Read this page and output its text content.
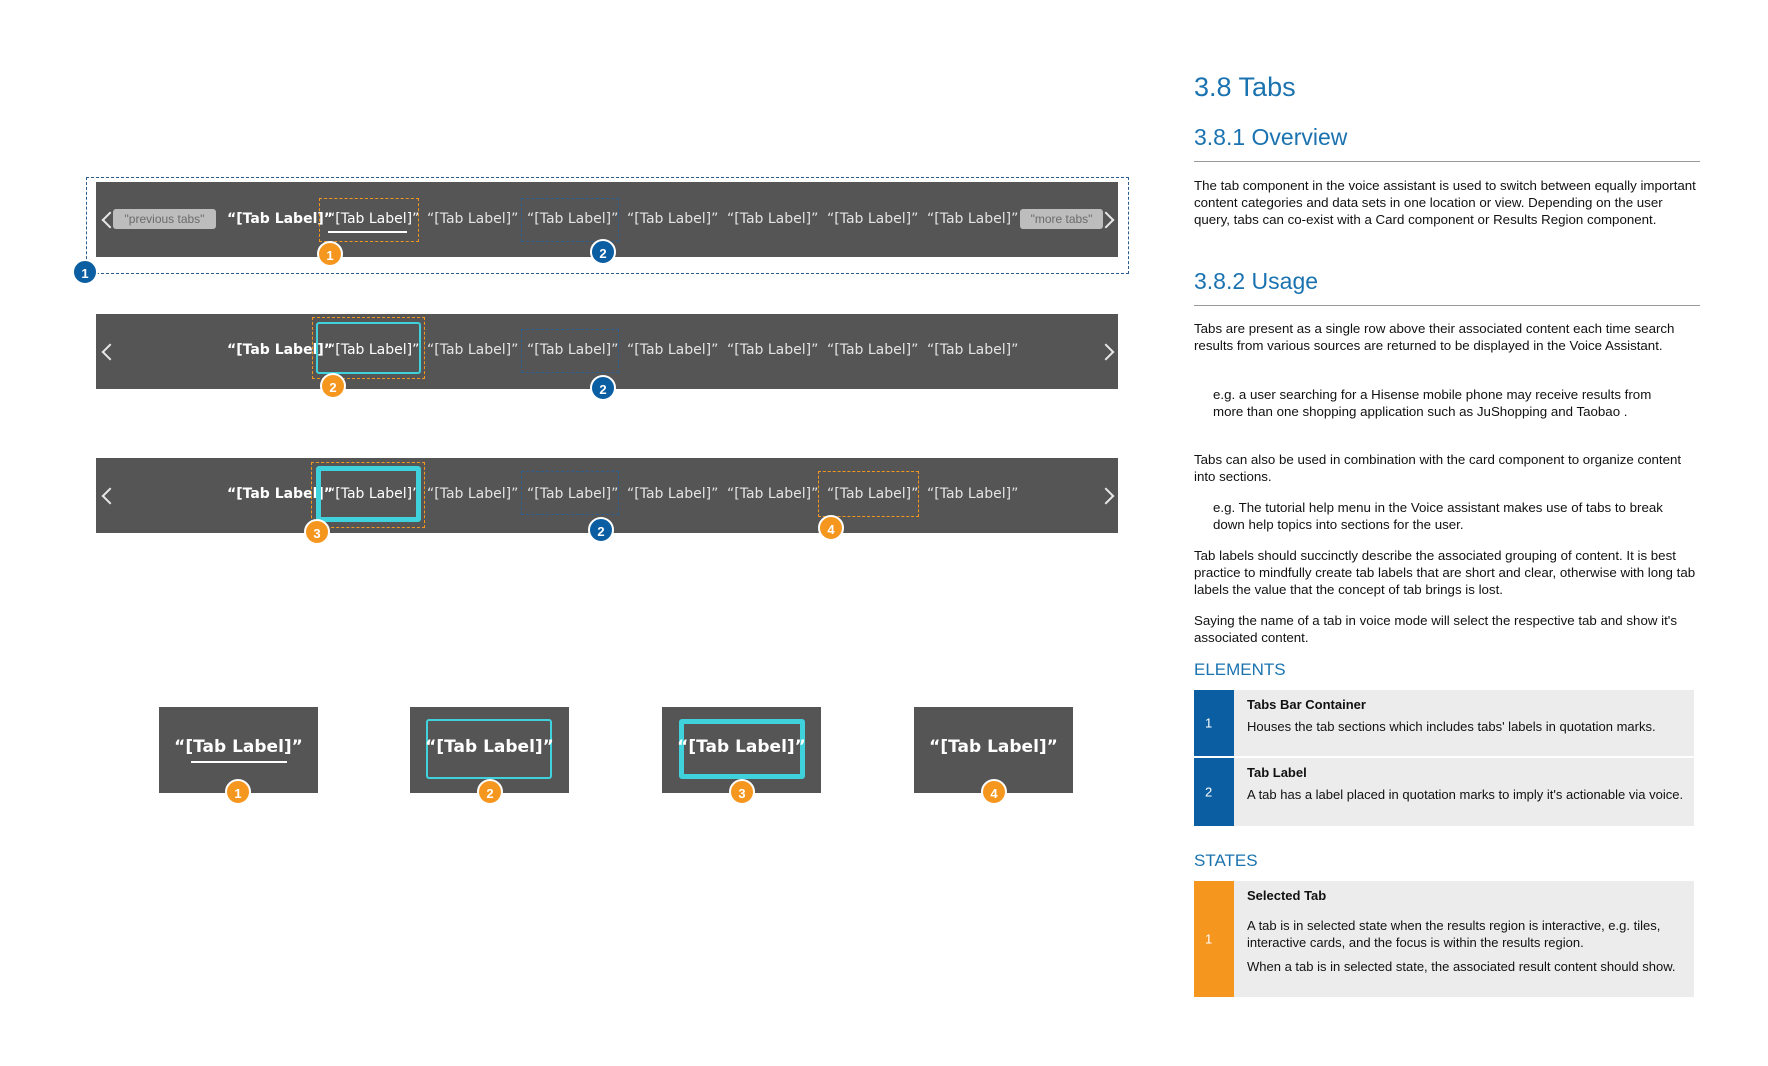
"previous tabs"	“[Tab Label]”
“[Tab Label]” “[Tab Label]” “[Tab Label]” “[Tab Label]” “[Tab Label]” “[Tab Label]” “[Tab Label]”	"more tabs"
1	2
1
“[Tab Label]”
“[Tab Label]” “[Tab Label]” “[Tab Label]” “[Tab Label]” “[Tab Label]” “[Tab Label]” “[Tab Label]”
2	2
“[Tab Label]”
“[Tab Label]” “[Tab Label]” “[Tab Label]” “[Tab Label]” “[Tab Label]” “[Tab Label]” “[Tab Label]”
3	2	4
“[Tab Label]”
1
“[Tab Label]”
2
“[Tab Label]”
3
“[Tab Label]”
4
3.8 Tabs
3.8.1 Overview
The tab component in the voice assistant is used to switch between equally important content categories and data sets in one location or view. Depending on the user query, tabs can co-exist with a Card component or Results Region component.
3.8.2 Usage
Tabs are present as a single row above their associated content each time search results from various sources are returned to be displayed in the Voice Assistant.
e.g. a user searching for a Hisense mobile phone may receive results from more than one shopping application such as JuShopping and Taobao .
Tabs can also be used in combination with the card component to organize content into sections.
e.g. The tutorial help menu in the Voice assistant makes use of tabs to break down help topics into sections for the user.
Tab labels should succinctly describe the associated grouping of content. It is best practice to mindfully create tab labels that are short and clear, otherwise with long tab labels the value that the concept of tab brings is lost.
Saying the name of a tab in voice mode will select the respective tab and show it's associated content.
ELEMENTS
1
Tabs Bar Container
Houses the tab sections which includes tabs' labels in quotation marks.
2
Tab Label
A tab has a label placed in quotation marks to imply it's actionable via voice.
STATES
1
Selected Tab
A tab is in selected state when the results region is interactive, e.g. tiles, interactive cards, and the focus is within the results region.
When a tab is in selected state, the associated result content should show.
